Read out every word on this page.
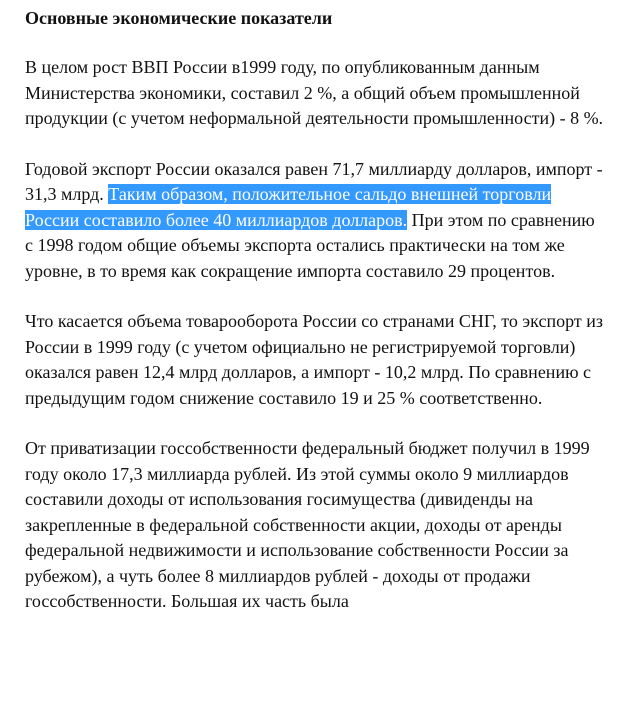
Основные экономические показатели

В целом рост ВВП России в1999 году, по опубликованным данным Министерства экономики, составил 2 %, а общий объем промышленной продукции (с учетом неформальной деятельности промышленности) - 8 %.

Годовой экспорт России оказался равен 71,7 миллиарду долларов, импорт - 31,3 млрд. Таким образом, положительное сальдо внешней торговли России составило более 40 миллиардов долларов. При этом по сравнению с 1998 годом общие объемы экспорта остались практически на том же уровне, в то время как сокращение импорта составило 29 процентов.

Что касается объема товарооборота России со странами СНГ, то экспорт из России в 1999 году (с учетом официально не регистрируемой торговли) оказался равен 12,4 млрд долларов, а импорт - 10,2 млрд. По сравнению с предыдущим годом снижение составило 19 и 25 % соответственно.

От приватизации госсобственности федеральный бюджет получил в 1999 году около 17,3 миллиарда рублей. Из этой суммы около 9 миллиардов составили доходы от использования госимущества (дивиденды на закрепленные в федеральной собственности акции, доходы от аренды федеральной недвижимости и использование собственности России за рубежом), а чуть более 8 миллиардов рублей - доходы от продажи госсобственности. Большая их часть была
